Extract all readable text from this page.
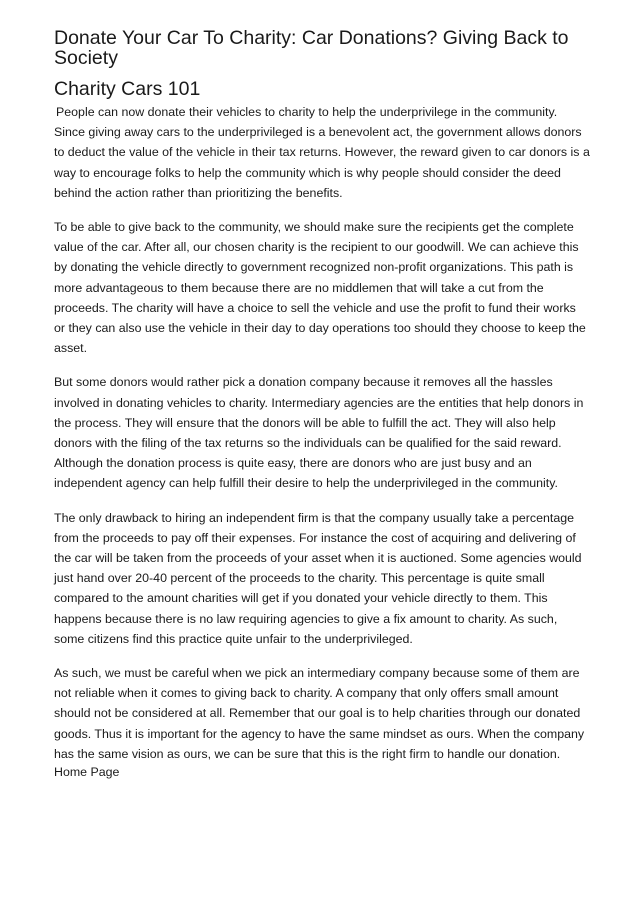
Donate Your Car To Charity: Car Donations? Giving Back to Society
Charity Cars 101

People can now donate their vehicles to charity to help the underprivilege in the community. Since giving away cars to the underprivileged is a benevolent act, the government allows donors to deduct the value of the vehicle in their tax returns. However, the reward given to car donors is a way to encourage folks to help the community which is why people should consider the deed behind the action rather than prioritizing the benefits.

To be able to give back to the community, we should make sure the recipients get the complete value of the car. After all, our chosen charity is the recipient to our goodwill. We can achieve this by donating the vehicle directly to government recognized non-profit organizations. This path is more advantageous to them because there are no middlemen that will take a cut from the proceeds. The charity will have a choice to sell the vehicle and use the profit to fund their works or they can also use the vehicle in their day to day operations too should they choose to keep the asset.

But some donors would rather pick a donation company because it removes all the hassles involved in donating vehicles to charity. Intermediary agencies are the entities that help donors in the process. They will ensure that the donors will be able to fulfill the act. They will also help donors with the filing of the tax returns so the individuals can be qualified for the said reward. Although the donation process is quite easy, there are donors who are just busy and an independent agency can help fulfill their desire to help the underprivileged in the community.

The only drawback to hiring an independent firm is that the company usually take a percentage from the proceeds to pay off their expenses. For instance the cost of acquiring and delivering of the car will be taken from the proceeds of your asset when it is auctioned. Some agencies would just hand over 20-40 percent of the proceeds to the charity. This percentage is quite small compared to the amount charities will get if you donated your vehicle directly to them. This happens because there is no law requiring agencies to give a fix amount to charity. As such, some citizens find this practice quite unfair to the underprivileged.

As such, we must be careful when we pick an intermediary company because some of them are not reliable when it comes to giving back to charity. A company that only offers small amount should not be considered at all. Remember that our goal is to help charities through our donated goods. Thus it is important for the agency to have the same mindset as ours. When the company has the same vision as ours, we can be sure that this is the right firm to handle our donation.

Home Page
